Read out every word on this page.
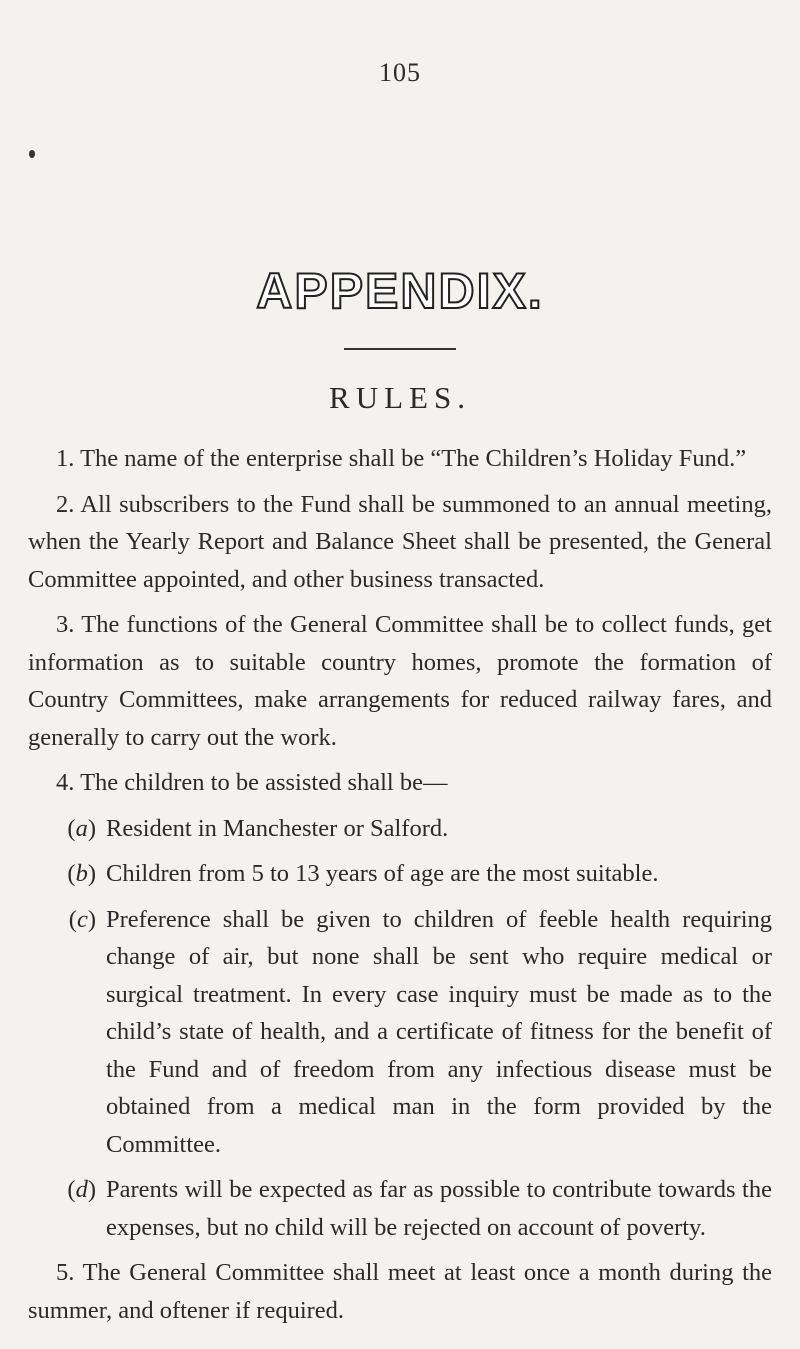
105
APPENDIX.
RULES.

1. The name of the enterprise shall be “The Children’s Holiday Fund.”

2. All subscribers to the Fund shall be summoned to an annual meeting, when the Yearly Report and Balance Sheet shall be presented, the General Committee appointed, and other business transacted.

3. The functions of the General Committee shall be to collect funds, get information as to suitable country homes, promote the formation of Country Committees, make arrangements for reduced railway fares, and generally to carry out the work.

4. The children to be assisted shall be—

(a) Resident in Manchester or Salford.
(b) Children from 5 to 13 years of age are the most suitable.
(c) Preference shall be given to children of feeble health requiring change of air, but none shall be sent who require medical or surgical treatment. In every case inquiry must be made as to the child’s state of health, and a certificate of fitness for the benefit of the Fund and of freedom from any infectious disease must be obtained from a medical man in the form provided by the Committee.
(d) Parents will be expected as far as possible to contribute towards the expenses, but no child will be rejected on account of poverty.

5. The General Committee shall meet at least once a month during the summer, and oftener if required.
